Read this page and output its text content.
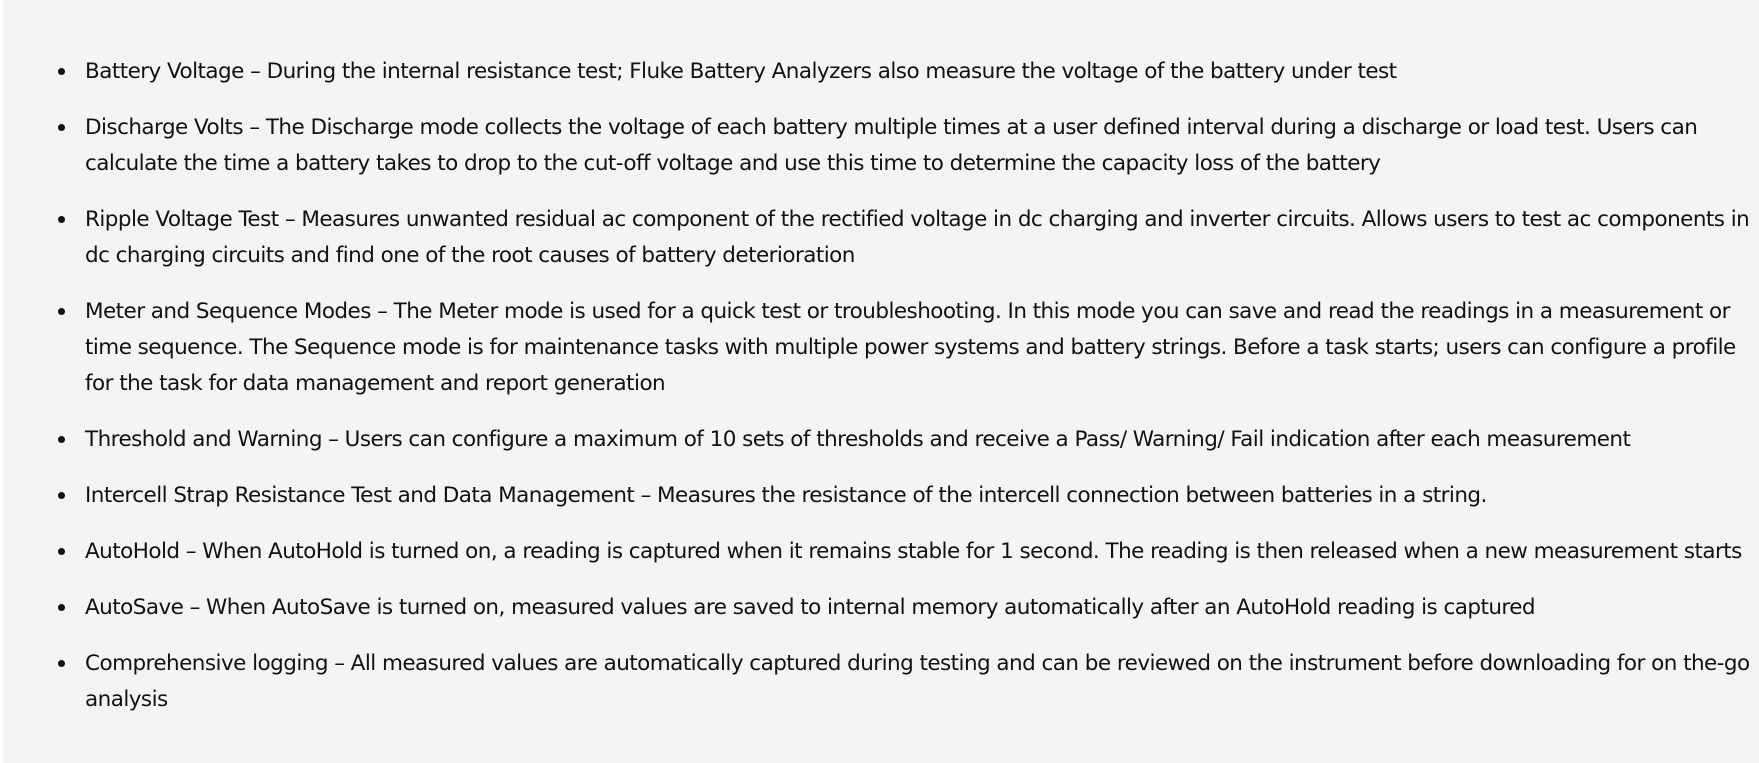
Battery Voltage – During the internal resistance test; Fluke Battery Analyzers also measure the voltage of the battery under test
Discharge Volts – The Discharge mode collects the voltage of each battery multiple times at a user defined interval during a discharge or load test. Users can calculate the time a battery takes to drop to the cut-off voltage and use this time to determine the capacity loss of the battery
Ripple Voltage Test – Measures unwanted residual ac component of the rectified voltage in dc charging and inverter circuits. Allows users to test ac components in dc charging circuits and find one of the root causes of battery deterioration
Meter and Sequence Modes – The Meter mode is used for a quick test or troubleshooting. In this mode you can save and read the readings in a measurement or time sequence. The Sequence mode is for maintenance tasks with multiple power systems and battery strings. Before a task starts; users can configure a profile for the task for data management and report generation
Threshold and Warning – Users can configure a maximum of 10 sets of thresholds and receive a Pass/ Warning/ Fail indication after each measurement
Intercell Strap Resistance Test and Data Management – Measures the resistance of the intercell connection between batteries in a string.
AutoHold – When AutoHold is turned on, a reading is captured when it remains stable for 1 second. The reading is then released when a new measurement starts
AutoSave – When AutoSave is turned on, measured values are saved to internal memory automatically after an AutoHold reading is captured
Comprehensive logging – All measured values are automatically captured during testing and can be reviewed on the instrument before downloading for on the-go analysis
